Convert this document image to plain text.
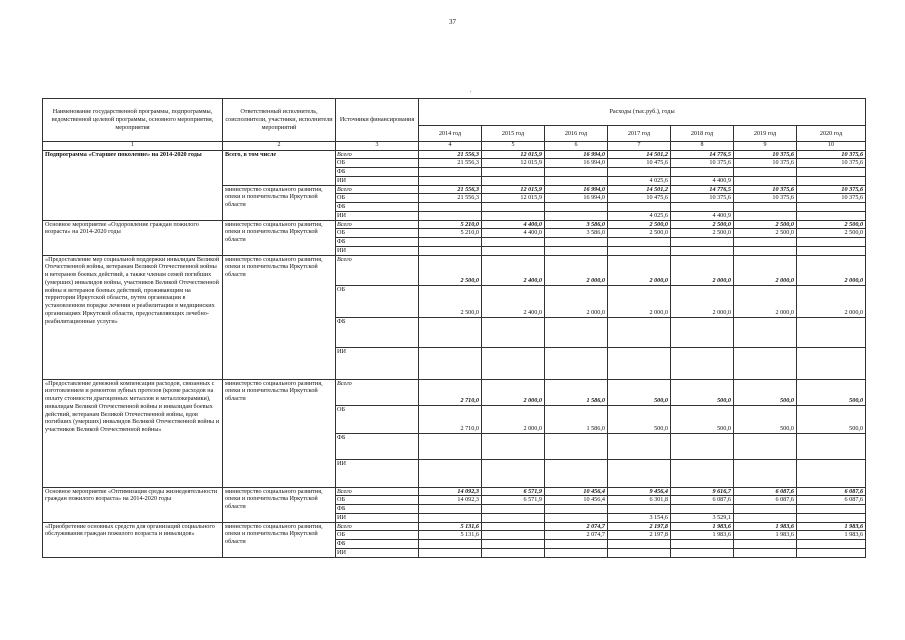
37
.
Наименование государственной программы, подпрограммы, ведомственной целевой программы, основного мероприятия, мероприятия	Ответственный исполнитель, соисполнители, участники, исполнители мероприятий	Источники финансирования	Расходы (тыс.руб.), годы						
			2014 год	2015 год	2016 год	2017 год	2018 год	2019 год	2020 год
1	2	3	4	5	6	7	8	9	10
Подпрограмма «Старшее поколение» на 2014-2020 годы	Всего, в том числе	Всего	21 556,3	12 015,9	16 994,0	14 501,2	14 776,5	10 375,6	10 375,6
		ОБ	21 556,3	12 015,9	16 994,0	10 475,6	10 375,6	10 375,6	10 375,6
		ФБ							
		ИИ				4 025,6	4 400,9		
	министерство социального развития, опеки и попечительства Иркутской области	Всего	21 556,3	12 015,9	16 994,0	14 501,2	14 776,5	10 375,6	10 375,6
		ОБ	21 556,3	12 015,9	16 994,0	10 475,6	10 375,6	10 375,6	10 375,6
		ФБ							
		ИИ				4 025,6	4 400,9		
Основное мероприятие «Оздоровление граждан пожилого возраста» на 2014-2020 годы	министерство социального развития, опеки и попечительства Иркутской области	Всего	5 210,0	4 400,0	3 586,0	2 500,0	2 500,0	2 500,0	2 500,0
		ОБ	5 210,0	4 400,0	3 586,0	2 500,0	2 500,0	2 500,0	2 500,0
		ФБ							
		ИИ							
«Предоставление мер социальной поддержки инвалидам Великой Отечественной войны, ветеранам Великой Отечественной войны и ветеранов боевых действий, а также членам семей погибших (умерших) инвалидов войны, участников Великой Отечественной войны и ветеранов боевых действий, проживающим на территории Иркутской области, путем организации в установленном порядке лечения и реабилитации в медицинских организациях Иркутской области, предоставляющих лечебно-реабилитационные услуги»	министерство социального развития, опеки и попечительства Иркутской области	Всего	2 500,0	2 400,0	2 000,0	2 000,0	2 000,0	2 000,0	2 000,0
		ОБ	2 500,0	2 400,0	2 000,0	2 000,0	2 000,0	2 000,0	2 000,0
		ФБ							
		ИИ							
«Предоставление денежной компенсации расходов, связанных с изготовлением и ремонтом зубных протезов (кроме расходов на оплату стоимости драгоценных металлов и металлокерамики), инвалидам Великой Отечественной войны и инвалидам боевых действий, ветеранам Великой Отечественной войны, вдов погибших (умерших) инвалидов Великой Отечественной войны и участников Великой Отечественной войны»	министерство социального развития, опеки и попечительства Иркутской области	Всего	2 710,0	2 000,0	1 586,0	500,0	500,0	500,0	500,0
		ОБ	2 710,0	2 000,0	1 586,0	500,0	500,0	500,0	500,0
		ФБ							
		ИИ							
Основное мероприятие «Оптимизация среды жизнедеятельности граждан пожилого возраста» на 2014-2020 годы	министерство социального развития, опеки и попечительства Иркутской области	Всего	14 092,3	6 571,9	10 456,4	9 456,4	9 616,7	6 087,6	6 087,6
		ОБ	14 092,3	6 571,9	10 456,4	6 301,8	6 087,6	6 087,6	6 087,6
		ФБ							
		ИИ				3 154,6	3 529,1		
«Приобретение основных средств для организаций социального обслуживания граждан пожилого возраста и инвалидов»	министерство социального развития, опеки и попечительства Иркутской области	Всего	5 131,6		2 074,7	2 197,8	1 983,6	1 983,6	1 983,6
		ОБ	5 131,6		2 074,7	2 197,8	1 983,6	1 983,6	1 983,6
		ФБ							
		ИИ							
